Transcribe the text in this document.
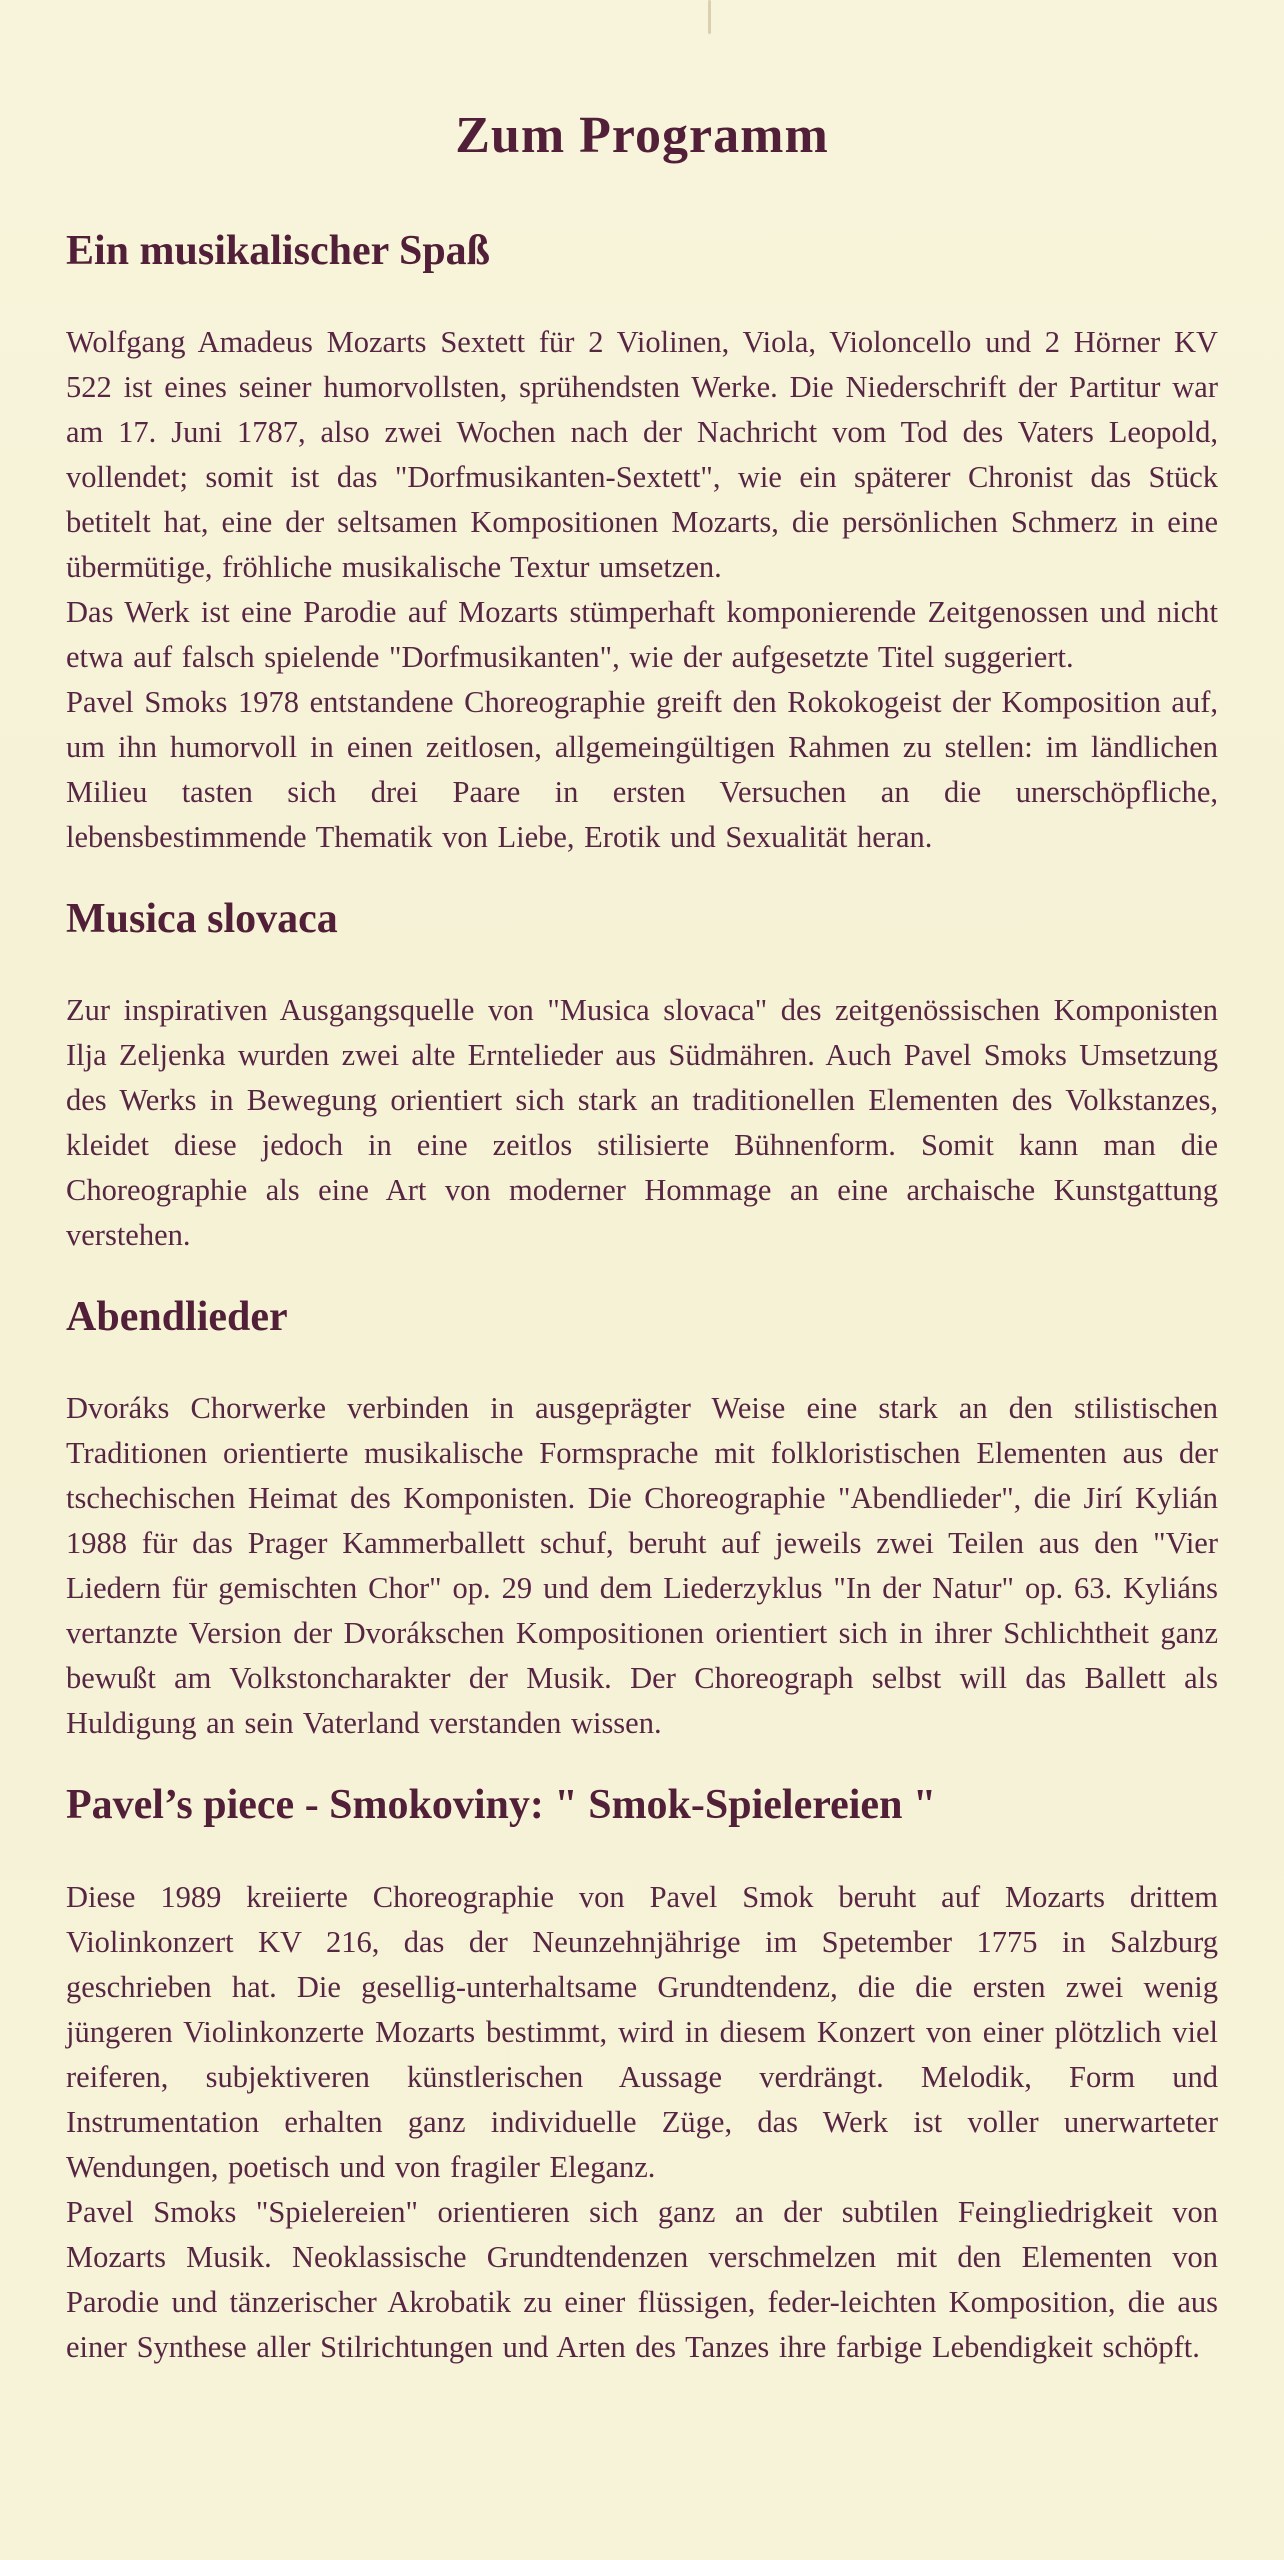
Zum Programm
Ein musikalischer Spaß

Wolfgang Amadeus Mozarts Sextett für 2 Violinen, Viola, Violoncello und 2 Hörner KV 522 ist eines seiner humorvollsten, sprühendsten Werke. Die Niederschrift der Partitur war am 17. Juni 1787, also zwei Wochen nach der Nachricht vom Tod des Vaters Leopold, vollendet; somit ist das "Dorfmusikanten-Sextett", wie ein späterer Chronist das Stück betitelt hat, eine der seltsamen Kompositionen Mozarts, die persönlichen Schmerz in eine übermütige, fröhliche musikalische Textur umsetzen.

Das Werk ist eine Parodie auf Mozarts stümperhaft komponierende Zeitgenossen und nicht etwa auf falsch spielende "Dorfmusikanten", wie der aufgesetzte Titel suggeriert.

Pavel Smoks 1978 entstandene Choreographie greift den Rokokogeist der Komposition auf, um ihn humorvoll in einen zeitlosen, allgemeingültigen Rahmen zu stellen: im ländlichen Milieu tasten sich drei Paare in ersten Versuchen an die unerschöpfliche, lebensbestimmende Thematik von Liebe, Erotik und Sexualität heran.

Musica slovaca

Zur inspirativen Ausgangsquelle von "Musica slovaca" des zeitgenössischen Komponisten Ilja Zeljenka wurden zwei alte Erntelieder aus Südmähren. Auch Pavel Smoks Umsetzung des Werks in Bewegung orientiert sich stark an traditionellen Elementen des Volkstanzes, kleidet diese jedoch in eine zeitlos stilisierte Bühnenform. Somit kann man die Choreographie als eine Art von moderner Hommage an eine archaische Kunstgattung verstehen.

Abendlieder

Dvoráks Chorwerke verbinden in ausgeprägter Weise eine stark an den stilistischen Traditionen orientierte musikalische Formsprache mit folkloristischen Elementen aus der tschechischen Heimat des Komponisten. Die Choreographie "Abendlieder", die Jirí Kylián 1988 für das Prager Kammerballett schuf, beruht auf jeweils zwei Teilen aus den "Vier Liedern für gemischten Chor" op. 29 und dem Liederzyklus "In der Natur" op. 63. Kyliáns vertanzte Version der Dvorákschen Kompositionen orientiert sich in ihrer Schlichtheit ganz bewußt am Volkstoncharakter der Musik. Der Choreograph selbst will das Ballett als Huldigung an sein Vaterland verstanden wissen.

Pavel’s piece - Smokoviny: " Smok-Spielereien "

Diese 1989 kreiierte Choreographie von Pavel Smok beruht auf Mozarts drittem Violinkonzert KV 216, das der Neunzehnjährige im Spetember 1775 in Salzburg geschrieben hat. Die gesellig-unterhaltsame Grundtendenz, die die ersten zwei wenig jüngeren Violinkonzerte Mozarts bestimmt, wird in diesem Konzert von einer plötzlich viel reiferen, subjektiveren künstlerischen Aussage verdrängt. Melodik, Form und Instrumentation erhalten ganz individuelle Züge, das Werk ist voller unerwarteter Wendungen, poetisch und von fragiler Eleganz.

Pavel Smoks "Spielereien" orientieren sich ganz an der subtilen Feingliedrigkeit von Mozarts Musik. Neoklassische Grundtendenzen verschmelzen mit den Elementen von Parodie und tänzerischer Akrobatik zu einer flüssigen, feder-leichten Komposition, die aus einer Synthese aller Stilrichtungen und Arten des Tanzes ihre farbige Lebendigkeit schöpft.
